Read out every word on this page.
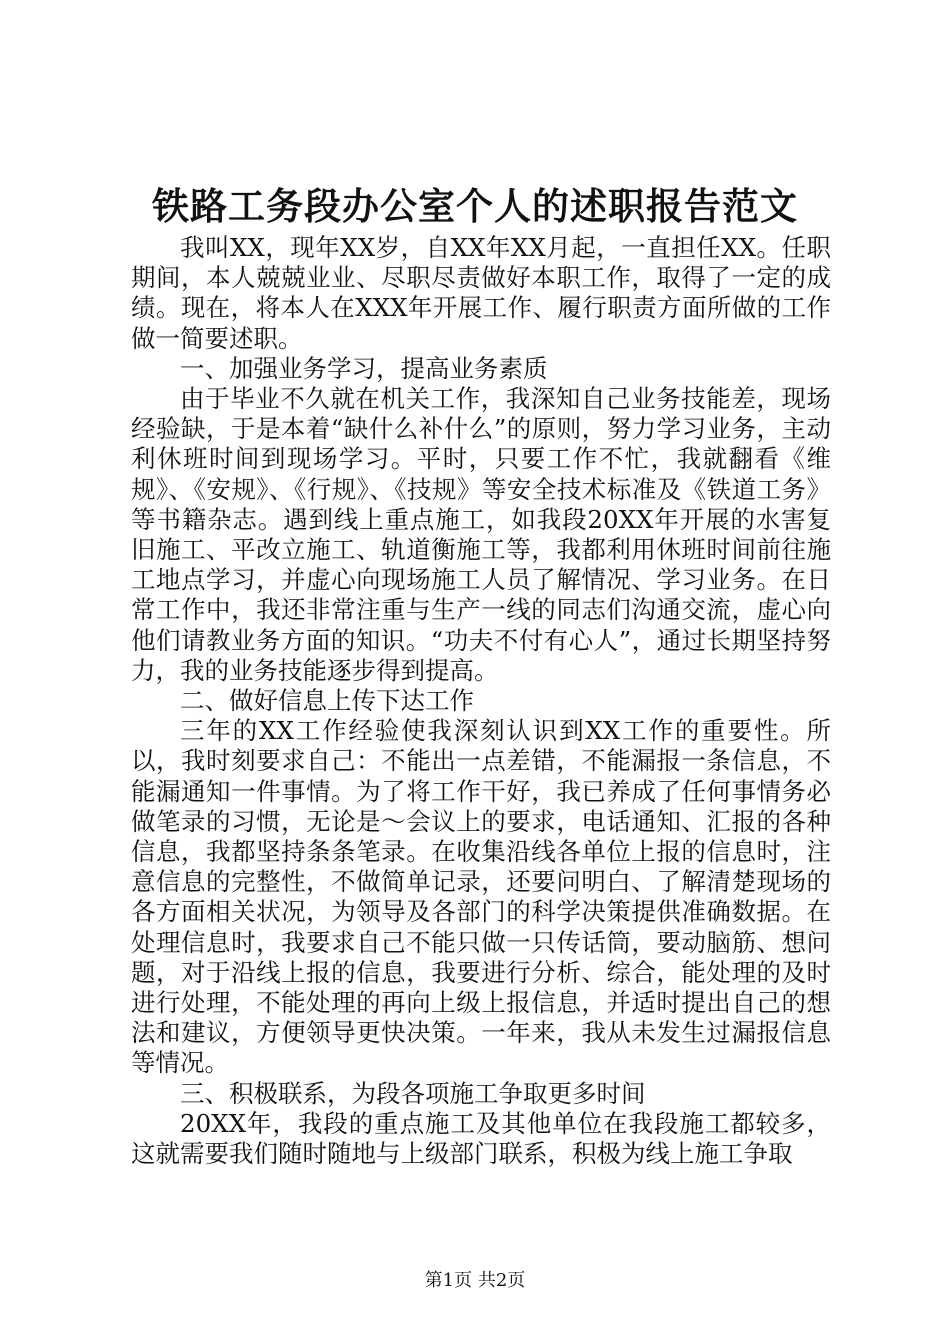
铁路工务段办公室个人的述职报告范文

我叫XX，现年XX岁，自XX年XX月起，一直担任XX。任职期间，本人兢兢业业、尽职尽责做好本职工作，取得了一定的成绩。现在，将本人在XXX年开展工作、履行职责方面所做的工作做一简要述职。

一、加强业务学习，提高业务素质

由于毕业不久就在机关工作，我深知自己业务技能差，现场经验缺，于是本着“缺什么补什么”的原则，努力学习业务，主动利休班时间到现场学习。平时，只要工作不忙，我就翻看《维规》、《安规》、《行规》、《技规》等安全技术标准及《铁道工务》等书籍杂志。遇到线上重点施工，如我段20XX年开展的水害复旧施工、平改立施工、轨道衡施工等，我都利用休班时间前往施工地点学习，并虚心向现场施工人员了解情况、学习业务。在日常工作中，我还非常注重与生产一线的同志们沟通交流，虚心向他们请教业务方面的知识。“功夫不付有心人”，通过长期坚持努力，我的业务技能逐步得到提高。

二、做好信息上传下达工作

三年的XX工作经验使我深刻认识到XX工作的重要性。所以，我时刻要求自己：不能出一点差错，不能漏报一条信息，不能漏通知一件事情。为了将工作干好，我已养成了任何事情务必做笔录的习惯，无论是～会议上的要求，电话通知、汇报的各种信息，我都坚持条条笔录。在收集沿线各单位上报的信息时，注意信息的完整性，不做简单记录，还要问明白、了解清楚现场的各方面相关状况，为领导及各部门的科学决策提供准确数据。在处理信息时，我要求自己不能只做一只传话筒，要动脑筋、想问题，对于沿线上报的信息，我要进行分析、综合，能处理的及时进行处理，不能处理的再向上级上报信息，并适时提出自己的想法和建议，方便领导更快决策。一年来，我从未发生过漏报信息等情况。

三、积极联系，为段各项施工争取更多时间

20XX年，我段的重点施工及其他单位在我段施工都较多，这就需要我们随时随地与上级部门联系，积极为线上施工争取

第1页 共2页
